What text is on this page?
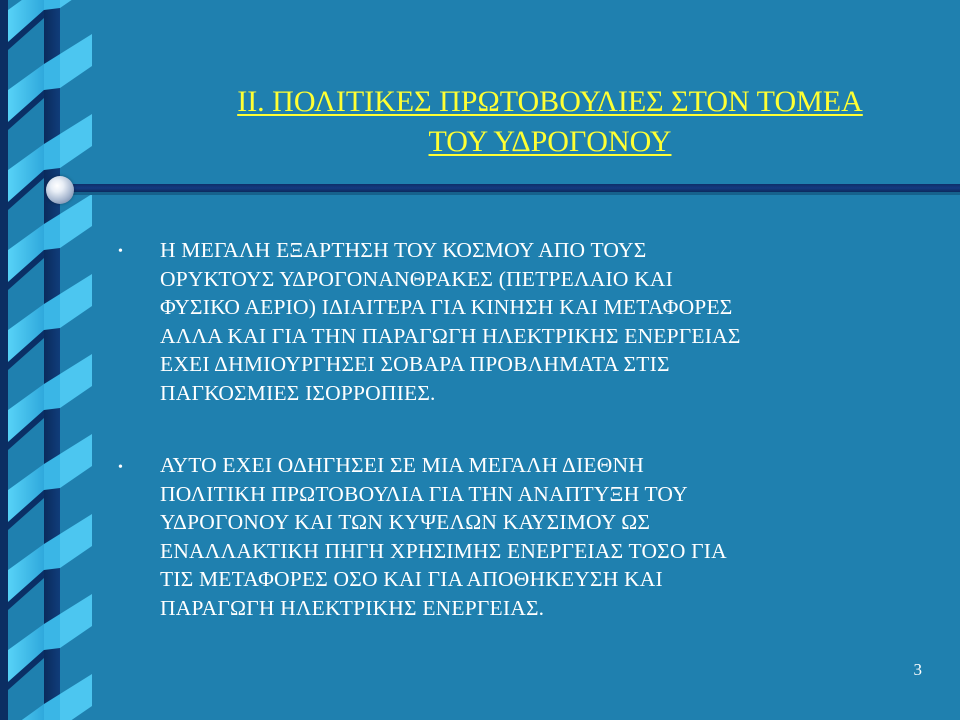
II. ΠΟΛΙΤΙΚΕΣ ΠΡΩΤΟΒΟΥΛΙΕΣ ΣΤΟΝ ΤΟΜΕΑ
ΤΟΥ ΥΔΡΟΓΟΝΟΥ
• Η ΜΕΓΑΛΗ ΕΞΑΡΤΗΣΗ ΤΟΥ ΚΟΣΜΟΥ ΑΠΟ ΤΟΥΣ
ΟΡΥΚΤΟΥΣ ΥΔΡΟΓΟΝΑΝΘΡΑΚΕΣ (ΠΕΤΡΕΛΑΙΟ ΚΑΙ
ΦΥΣΙΚΟ ΑΕΡΙΟ) ΙΔΙΑΙΤΕΡΑ ΓΙΑ ΚΙΝΗΣΗ ΚΑΙ ΜΕΤΑΦΟΡΕΣ
ΑΛΛΑ ΚΑΙ ΓΙΑ ΤΗΝ ΠΑΡΑΓΩΓΗ ΗΛΕΚΤΡΙΚΗΣ ΕΝΕΡΓΕΙΑΣ
ΕΧΕΙ ΔΗΜΙΟΥΡΓΗΣΕΙ ΣΟΒΑΡΑ ΠΡΟΒΛΗΜΑΤΑ ΣΤΙΣ
ΠΑΓΚΟΣΜΙΕΣ ΙΣΟΡΡΟΠΙΕΣ.
• ΑΥΤΟ ΕΧΕΙ ΟΔΗΓΗΣΕΙ ΣΕ ΜΙΑ ΜΕΓΑΛΗ ΔΙΕΘΝΗ
ΠΟΛΙΤΙΚΗ ΠΡΩΤΟΒΟΥΛΙΑ ΓΙΑ ΤΗΝ ΑΝΑΠΤΥΞΗ ΤΟΥ
ΥΔΡΟΓΟΝΟΥ ΚΑΙ ΤΩΝ ΚΥΨΕΛΩΝ ΚΑΥΣΙΜΟΥ ΩΣ
ΕΝΑΛΛΑΚΤΙΚΗ ΠΗΓΗ ΧΡΗΣΙΜΗΣ ΕΝΕΡΓΕΙΑΣ ΤΟΣΟ ΓΙΑ
ΤΙΣ ΜΕΤΑΦΟΡΕΣ ΟΣΟ ΚΑΙ ΓΙΑ ΑΠΟΘΗΚΕΥΣΗ ΚΑΙ
ΠΑΡΑΓΩΓΗ ΗΛΕΚΤΡΙΚΗΣ ΕΝΕΡΓΕΙΑΣ.
3
